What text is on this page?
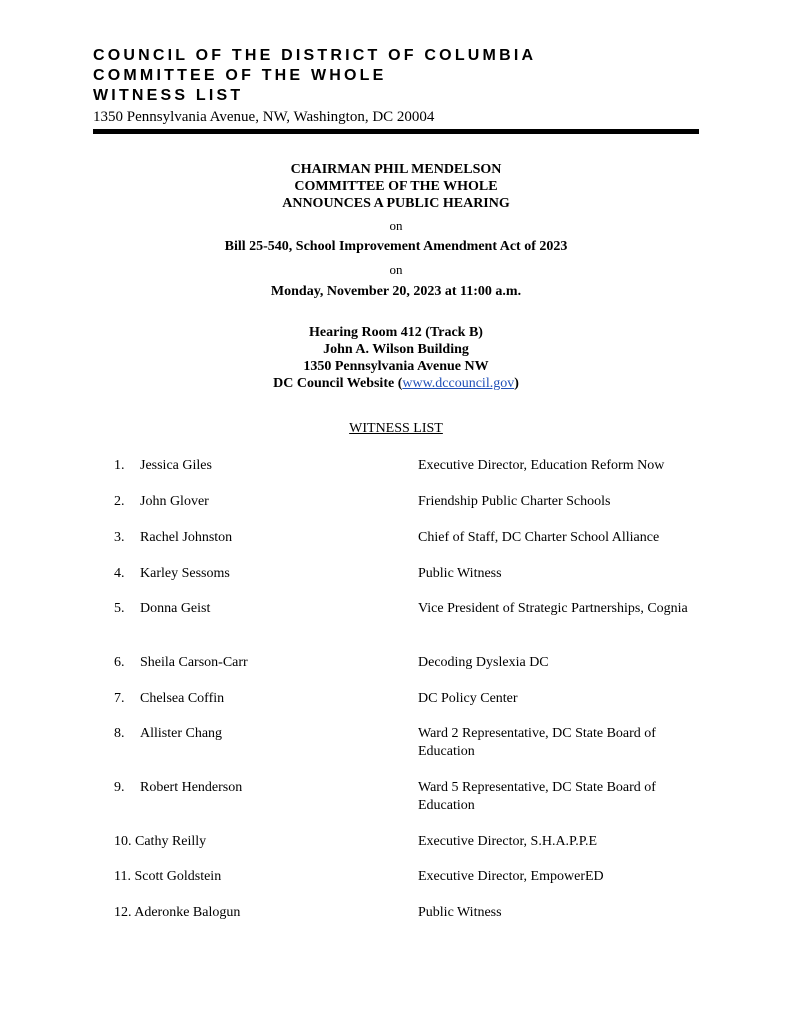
COUNCIL OF THE DISTRICT OF COLUMBIA
COMMITTEE OF THE WHOLE
WITNESS LIST
1350 Pennsylvania Avenue, NW, Washington, DC 20004
CHAIRMAN PHIL MENDELSON
COMMITTEE OF THE WHOLE
ANNOUNCES A PUBLIC HEARING
on
Bill 25-540, School Improvement Amendment Act of 2023
on
Monday, November 20, 2023 at 11:00 a.m.
Hearing Room 412 (Track B)
John A. Wilson Building
1350 Pennsylvania Avenue NW
DC Council Website (www.dccouncil.gov)
WITNESS LIST
1. Jessica Giles	Executive Director, Education Reform Now
2. John Glover	Friendship Public Charter Schools
3. Rachel Johnston	Chief of Staff, DC Charter School Alliance
4. Karley Sessoms	Public Witness
5. Donna Geist	Vice President of Strategic Partnerships, Cognia
6. Sheila Carson-Carr	Decoding Dyslexia DC
7. Chelsea Coffin	DC Policy Center
8. Allister Chang	Ward 2 Representative, DC State Board of Education
9. Robert Henderson	Ward 5 Representative, DC State Board of Education
10. Cathy Reilly	Executive Director, S.H.A.P.P.E
11. Scott Goldstein	Executive Director, EmpowerED
12. Aderonke Balogun	Public Witness
